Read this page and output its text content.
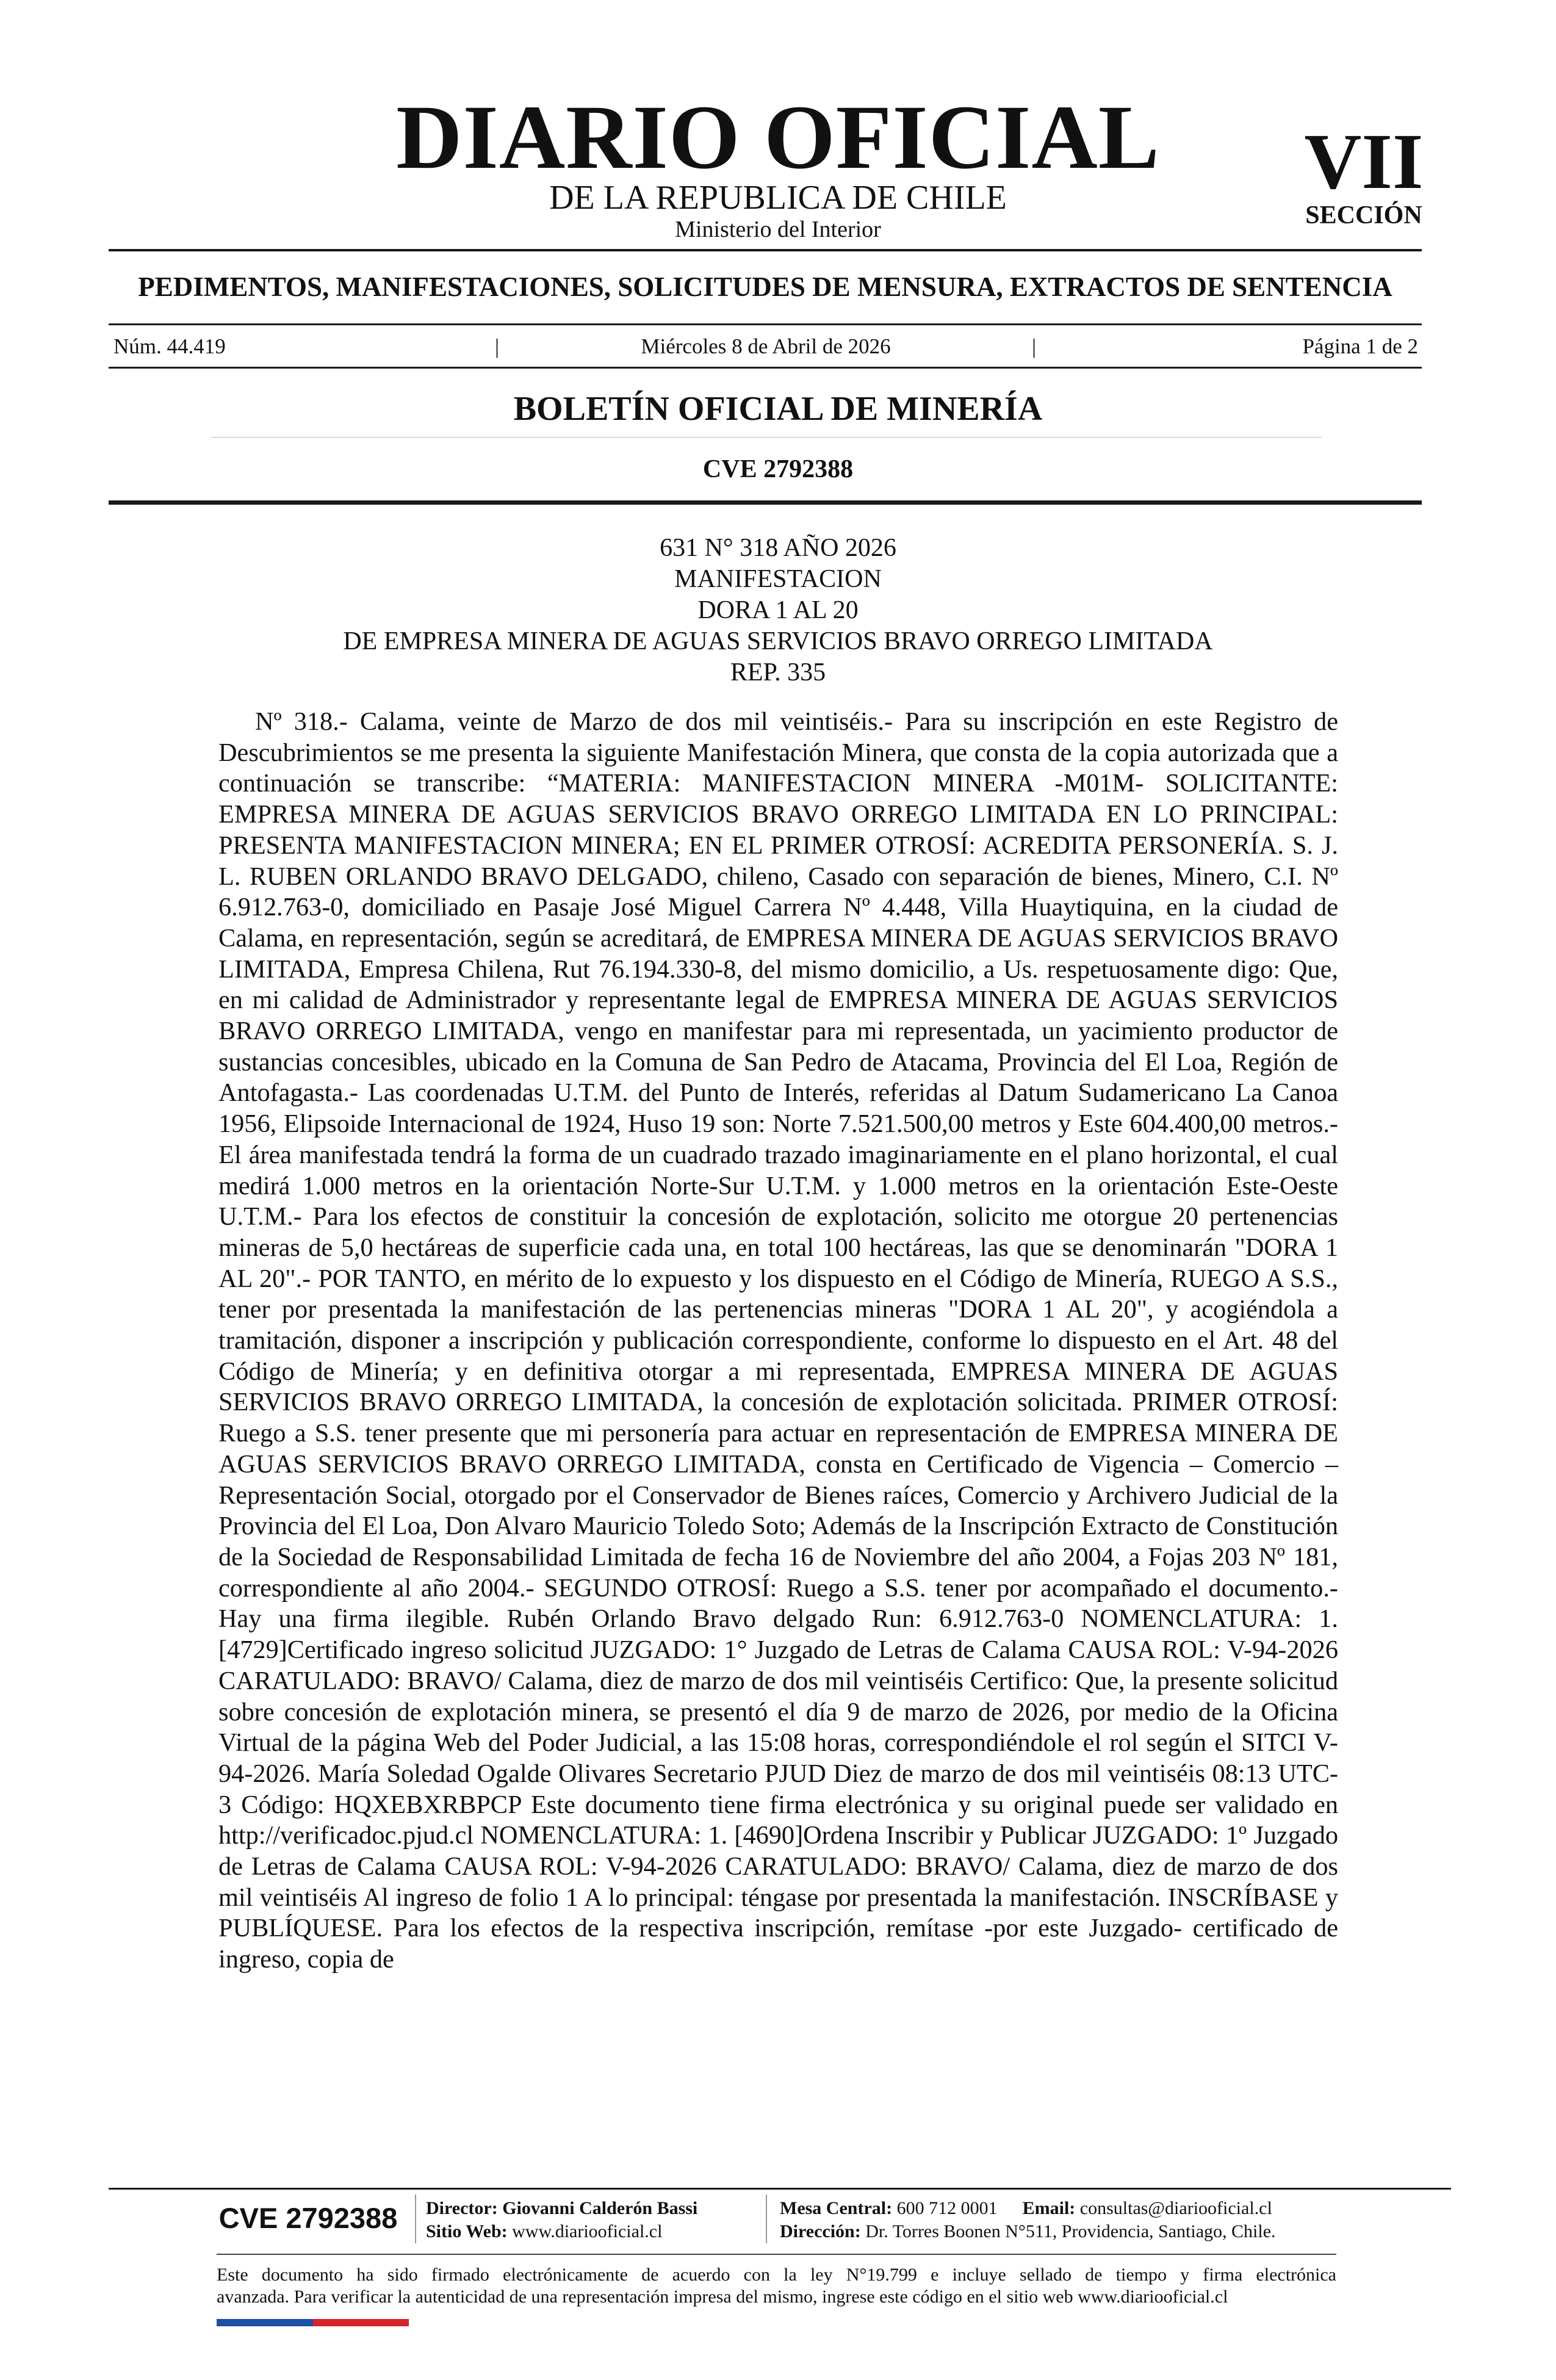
DIARIO OFICIAL
DE LA REPUBLICA DE CHILE
Ministerio del Interior
VII
SECCIÓN
PEDIMENTOS, MANIFESTACIONES, SOLICITUDES DE MENSURA, EXTRACTOS DE SENTENCIA
Núm. 44.419	|	Miércoles 8 de Abril de 2026	|	Página 1 de 2
BOLETÍN OFICIAL DE MINERÍA
CVE 2792388
631 N° 318 AÑO 2026
MANIFESTACION
DORA 1 AL 20
DE EMPRESA MINERA DE AGUAS SERVICIOS BRAVO ORREGO LIMITADA
REP. 335
Nº 318.- Calama, veinte de Marzo de dos mil veintiséis.- Para su inscripción en este Registro de Descubrimientos se me presenta la siguiente Manifestación Minera, que consta de la copia autorizada que a continuación se transcribe: “MATERIA: MANIFESTACION MINERA -M01M- SOLICITANTE: EMPRESA MINERA DE AGUAS SERVICIOS BRAVO ORREGO LIMITADA EN LO PRINCIPAL: PRESENTA MANIFESTACION MINERA; EN EL PRIMER OTROSÍ: ACREDITA PERSONERÍA. S. J. L. RUBEN ORLANDO BRAVO DELGADO, chileno, Casado con separación de bienes, Minero, C.I. Nº 6.912.763-0, domiciliado en Pasaje José Miguel Carrera Nº 4.448, Villa Huaytiquina, en la ciudad de Calama, en representación, según se acreditará, de EMPRESA MINERA DE AGUAS SERVICIOS BRAVO LIMITADA, Empresa Chilena, Rut 76.194.330-8, del mismo domicilio, a Us. respetuosamente digo: Que, en mi calidad de Administrador y representante legal de EMPRESA MINERA DE AGUAS SERVICIOS BRAVO ORREGO LIMITADA, vengo en manifestar para mi representada, un yacimiento productor de sustancias concesibles, ubicado en la Comuna de San Pedro de Atacama, Provincia del El Loa, Región de Antofagasta.- Las coordenadas U.T.M. del Punto de Interés, referidas al Datum Sudamericano La Canoa 1956, Elipsoide Internacional de 1924, Huso 19 son: Norte 7.521.500,00 metros y Este 604.400,00 metros.- El área manifestada tendrá la forma de un cuadrado trazado imaginariamente en el plano horizontal, el cual medirá 1.000 metros en la orientación Norte-Sur U.T.M. y 1.000 metros en la orientación Este-Oeste U.T.M.- Para los efectos de constituir la concesión de explotación, solicito me otorgue 20 pertenencias mineras de 5,0 hectáreas de superficie cada una, en total 100 hectáreas, las que se denominarán "DORA 1 AL 20".- POR TANTO, en mérito de lo expuesto y los dispuesto en el Código de Minería, RUEGO A S.S., tener por presentada la manifestación de las pertenencias mineras "DORA 1 AL 20", y acogiéndola a tramitación, disponer a inscripción y publicación correspondiente, conforme lo dispuesto en el Art. 48 del Código de Minería; y en definitiva otorgar a mi representada, EMPRESA MINERA DE AGUAS SERVICIOS BRAVO ORREGO LIMITADA, la concesión de explotación solicitada. PRIMER OTROSÍ: Ruego a S.S. tener presente que mi personería para actuar en representación de EMPRESA MINERA DE AGUAS SERVICIOS BRAVO ORREGO LIMITADA, consta en Certificado de Vigencia – Comercio – Representación Social, otorgado por el Conservador de Bienes raíces, Comercio y Archivero Judicial de la Provincia del El Loa, Don Alvaro Mauricio Toledo Soto; Además de la Inscripción Extracto de Constitución de la Sociedad de Responsabilidad Limitada de fecha 16 de Noviembre del año 2004, a Fojas 203 Nº 181, correspondiente al año 2004.- SEGUNDO OTROSÍ: Ruego a S.S. tener por acompañado el documento.- Hay una firma ilegible. Rubén Orlando Bravo delgado Run: 6.912.763-0 NOMENCLATURA: 1. [4729]Certificado ingreso solicitud JUZGADO: 1° Juzgado de Letras de Calama CAUSA ROL: V-94-2026 CARATULADO: BRAVO/ Calama, diez de marzo de dos mil veintiséis Certifico: Que, la presente solicitud sobre concesión de explotación minera, se presentó el día 9 de marzo de 2026, por medio de la Oficina Virtual de la página Web del Poder Judicial, a las 15:08 horas, correspondiéndole el rol según el SITCI V-94-2026. María Soledad Ogalde Olivares Secretario PJUD Diez de marzo de dos mil veintiséis 08:13 UTC-3 Código: HQXEBXRBPCP Este documento tiene firma electrónica y su original puede ser validado en http://verificadoc.pjud.cl NOMENCLATURA: 1. [4690]Ordena Inscribir y Publicar JUZGADO: 1º Juzgado de Letras de Calama CAUSA ROL: V-94-2026 CARATULADO: BRAVO/ Calama, diez de marzo de dos mil veintiséis Al ingreso de folio 1 A lo principal: téngase por presentada la manifestación. INSCRÍBASE y PUBLÍQUESE. Para los efectos de la respectiva inscripción, remítase -por este Juzgado- certificado de ingreso, copia de
CVE 2792388	Director: Giovanni Calderón Bassi
Sitio Web: www.diariooficial.cl
Mesa Central: 600 712 0001 Email: consultas@diariooficial.cl
Dirección: Dr. Torres Boonen N°511, Providencia, Santiago, Chile.
Este documento ha sido firmado electrónicamente de acuerdo con la ley N°19.799 e incluye sellado de tiempo y firma electrónica
avanzada. Para verificar la autenticidad de una representación impresa del mismo, ingrese este código en el sitio web www.diariooficial.cl
